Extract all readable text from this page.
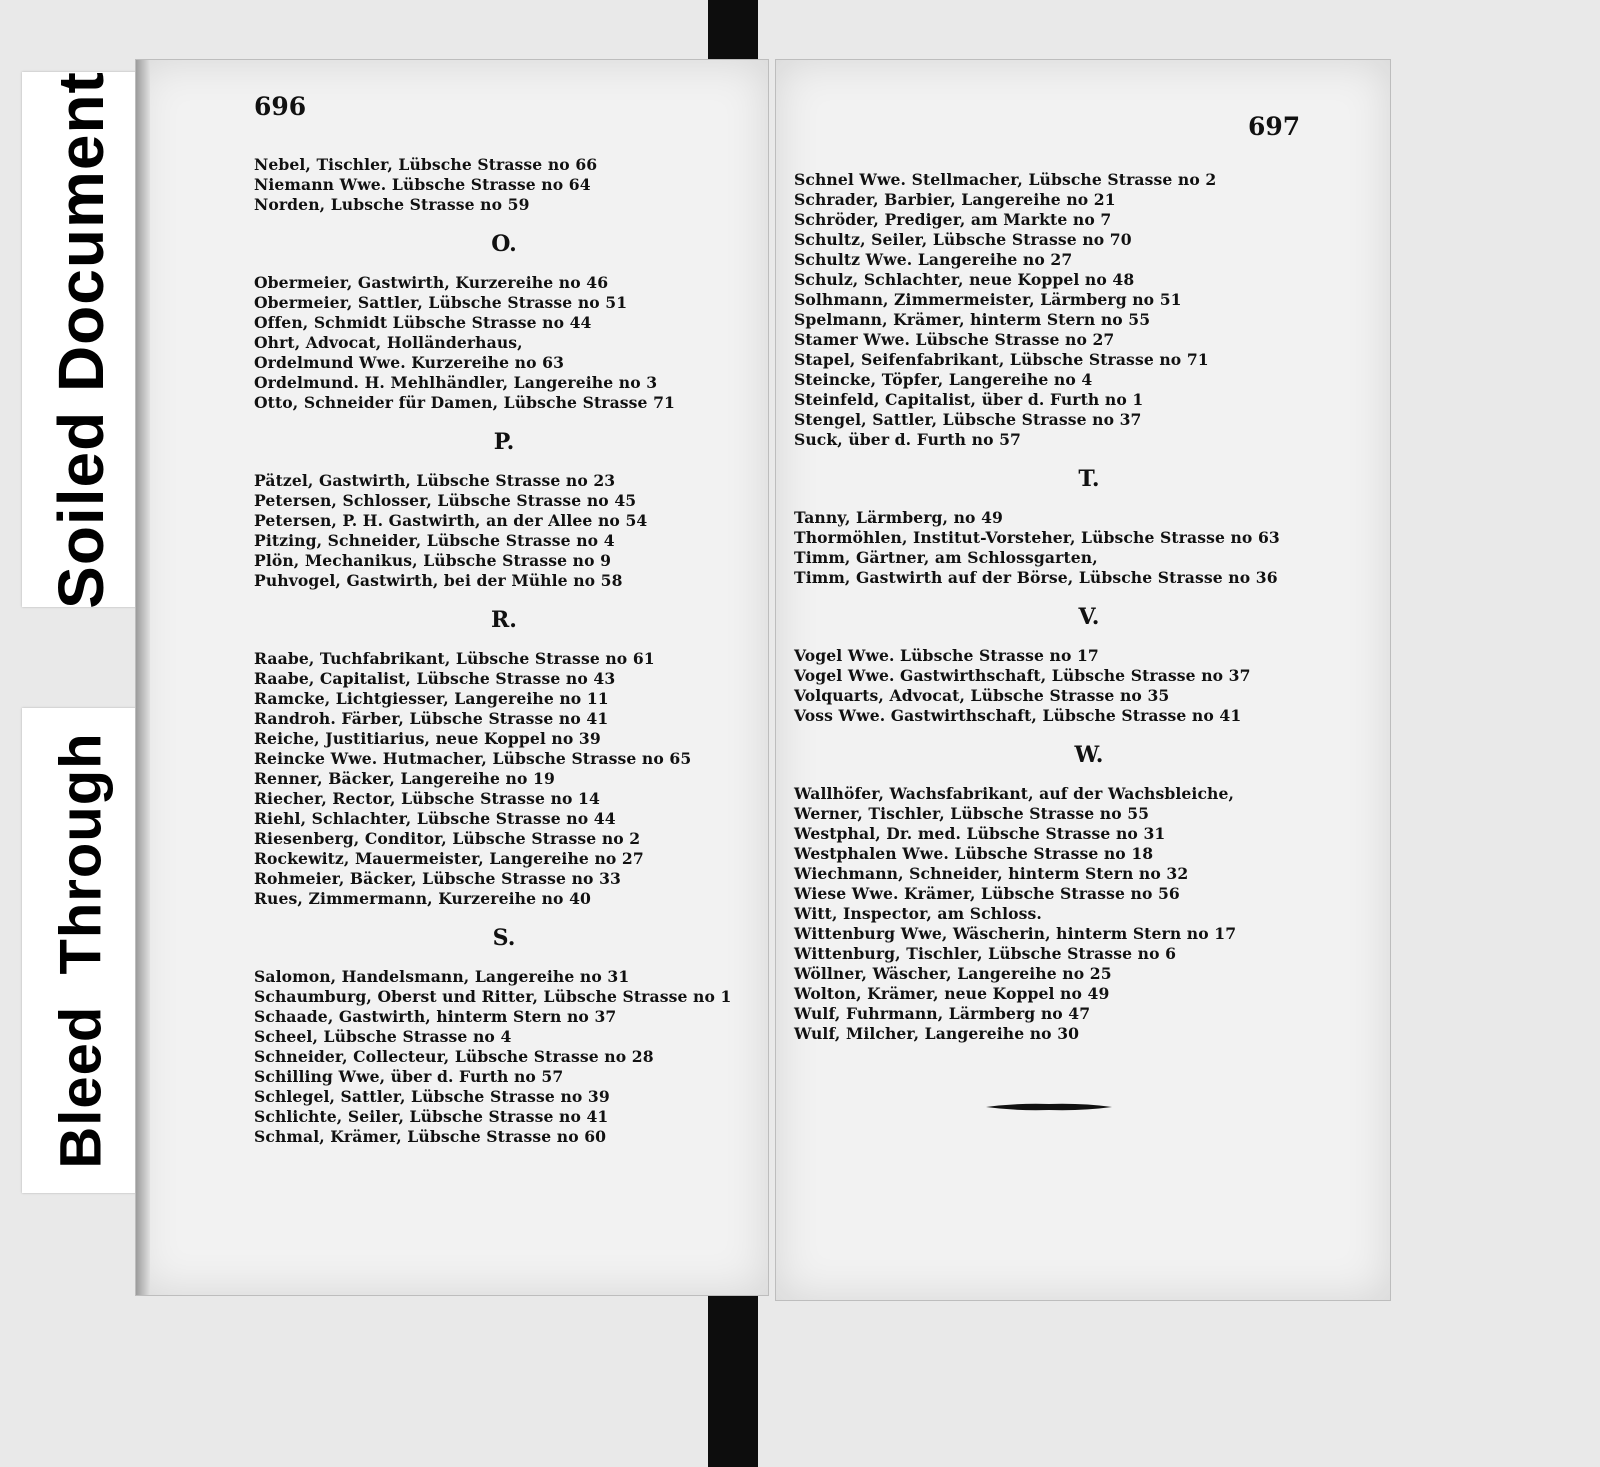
Soiled Document
Bleed Through
696
Nebel, Tischler, Lübsche Strasse no 66
Niemann Wwe. Lübsche Strasse no 64
Norden, Lubsche Strasse no 59
O.
Obermeier, Gastwirth, Kurzereihe no 46
Obermeier, Sattler, Lübsche Strasse no 51
Offen, Schmidt Lübsche Strasse no 44
Ohrt, Advocat, Holländerhaus,
Ordelmund Wwe. Kurzereihe no 63
Ordelmund. H. Mehlhändler, Langereihe no 3
Otto, Schneider für Damen, Lübsche Strasse 71
P.
Pätzel, Gastwirth, Lübsche Strasse no 23
Petersen, Schlosser, Lübsche Strasse no 45
Petersen, P. H. Gastwirth, an der Allee no 54
Pitzing, Schneider, Lübsche Strasse no 4
Plön, Mechanikus, Lübsche Strasse no 9
Puhvogel, Gastwirth, bei der Mühle no 58
R.
Raabe, Tuchfabrikant, Lübsche Strasse no 61
Raabe, Capitalist, Lübsche Strasse no 43
Ramcke, Lichtgiesser, Langereihe no 11
Randroh. Färber, Lübsche Strasse no 41
Reiche, Justitiarius, neue Koppel no 39
Reincke Wwe. Hutmacher, Lübsche Strasse no 65
Renner, Bäcker, Langereihe no 19
Riecher, Rector, Lübsche Strasse no 14
Riehl, Schlachter, Lübsche Strasse no 44
Riesenberg, Conditor, Lübsche Strasse no 2
Rockewitz, Mauermeister, Langereihe no 27
Rohmeier, Bäcker, Lübsche Strasse no 33
Rues, Zimmermann, Kurzereihe no 40
S.
Salomon, Handelsmann, Langereihe no 31
Schaumburg, Oberst und Ritter, Lübsche Strasse no 1
Schaade, Gastwirth, hinterm Stern no 37
Scheel, Lübsche Strasse no 4
Schneider, Collecteur, Lübsche Strasse no 28
Schilling Wwe, über d. Furth no 57
Schlegel, Sattler, Lübsche Strasse no 39
Schlichte, Seiler, Lübsche Strasse no 41
Schmal, Krämer, Lübsche Strasse no 60
697
Schnel Wwe. Stellmacher, Lübsche Strasse no 2
Schrader, Barbier, Langereihe no 21
Schröder, Prediger, am Markte no 7
Schultz, Seiler, Lübsche Strasse no 70
Schultz Wwe. Langereihe no 27
Schulz, Schlachter, neue Koppel no 48
Solhmann, Zimmermeister, Lärmberg no 51
Spelmann, Krämer, hinterm Stern no 55
Stamer Wwe. Lübsche Strasse no 27
Stapel, Seifenfabrikant, Lübsche Strasse no 71
Steincke, Töpfer, Langereihe no 4
Steinfeld, Capitalist, über d. Furth no 1
Stengel, Sattler, Lübsche Strasse no 37
Suck, über d. Furth no 57
T.
Tanny, Lärmberg, no 49
Thormöhlen, Institut-Vorsteher, Lübsche Strasse no 63
Timm, Gärtner, am Schlossgarten,
Timm, Gastwirth auf der Börse, Lübsche Strasse no 36
V.
Vogel Wwe. Lübsche Strasse no 17
Vogel Wwe. Gastwirthschaft, Lübsche Strasse no 37
Volquarts, Advocat, Lübsche Strasse no 35
Voss Wwe. Gastwirthschaft, Lübsche Strasse no 41
W.
Wallhöfer, Wachsfabrikant, auf der Wachsbleiche,
Werner, Tischler, Lübsche Strasse no 55
Westphal, Dr. med. Lübsche Strasse no 31
Westphalen Wwe. Lübsche Strasse no 18
Wiechmann, Schneider, hinterm Stern no 32
Wiese Wwe. Krämer, Lübsche Strasse no 56
Witt, Inspector, am Schloss.
Wittenburg Wwe, Wäscherin, hinterm Stern no 17
Wittenburg, Tischler, Lübsche Strasse no 6
Wöllner, Wäscher, Langereihe no 25
Wolton, Krämer, neue Koppel no 49
Wulf, Fuhrmann, Lärmberg no 47
Wulf, Milcher, Langereihe no 30
